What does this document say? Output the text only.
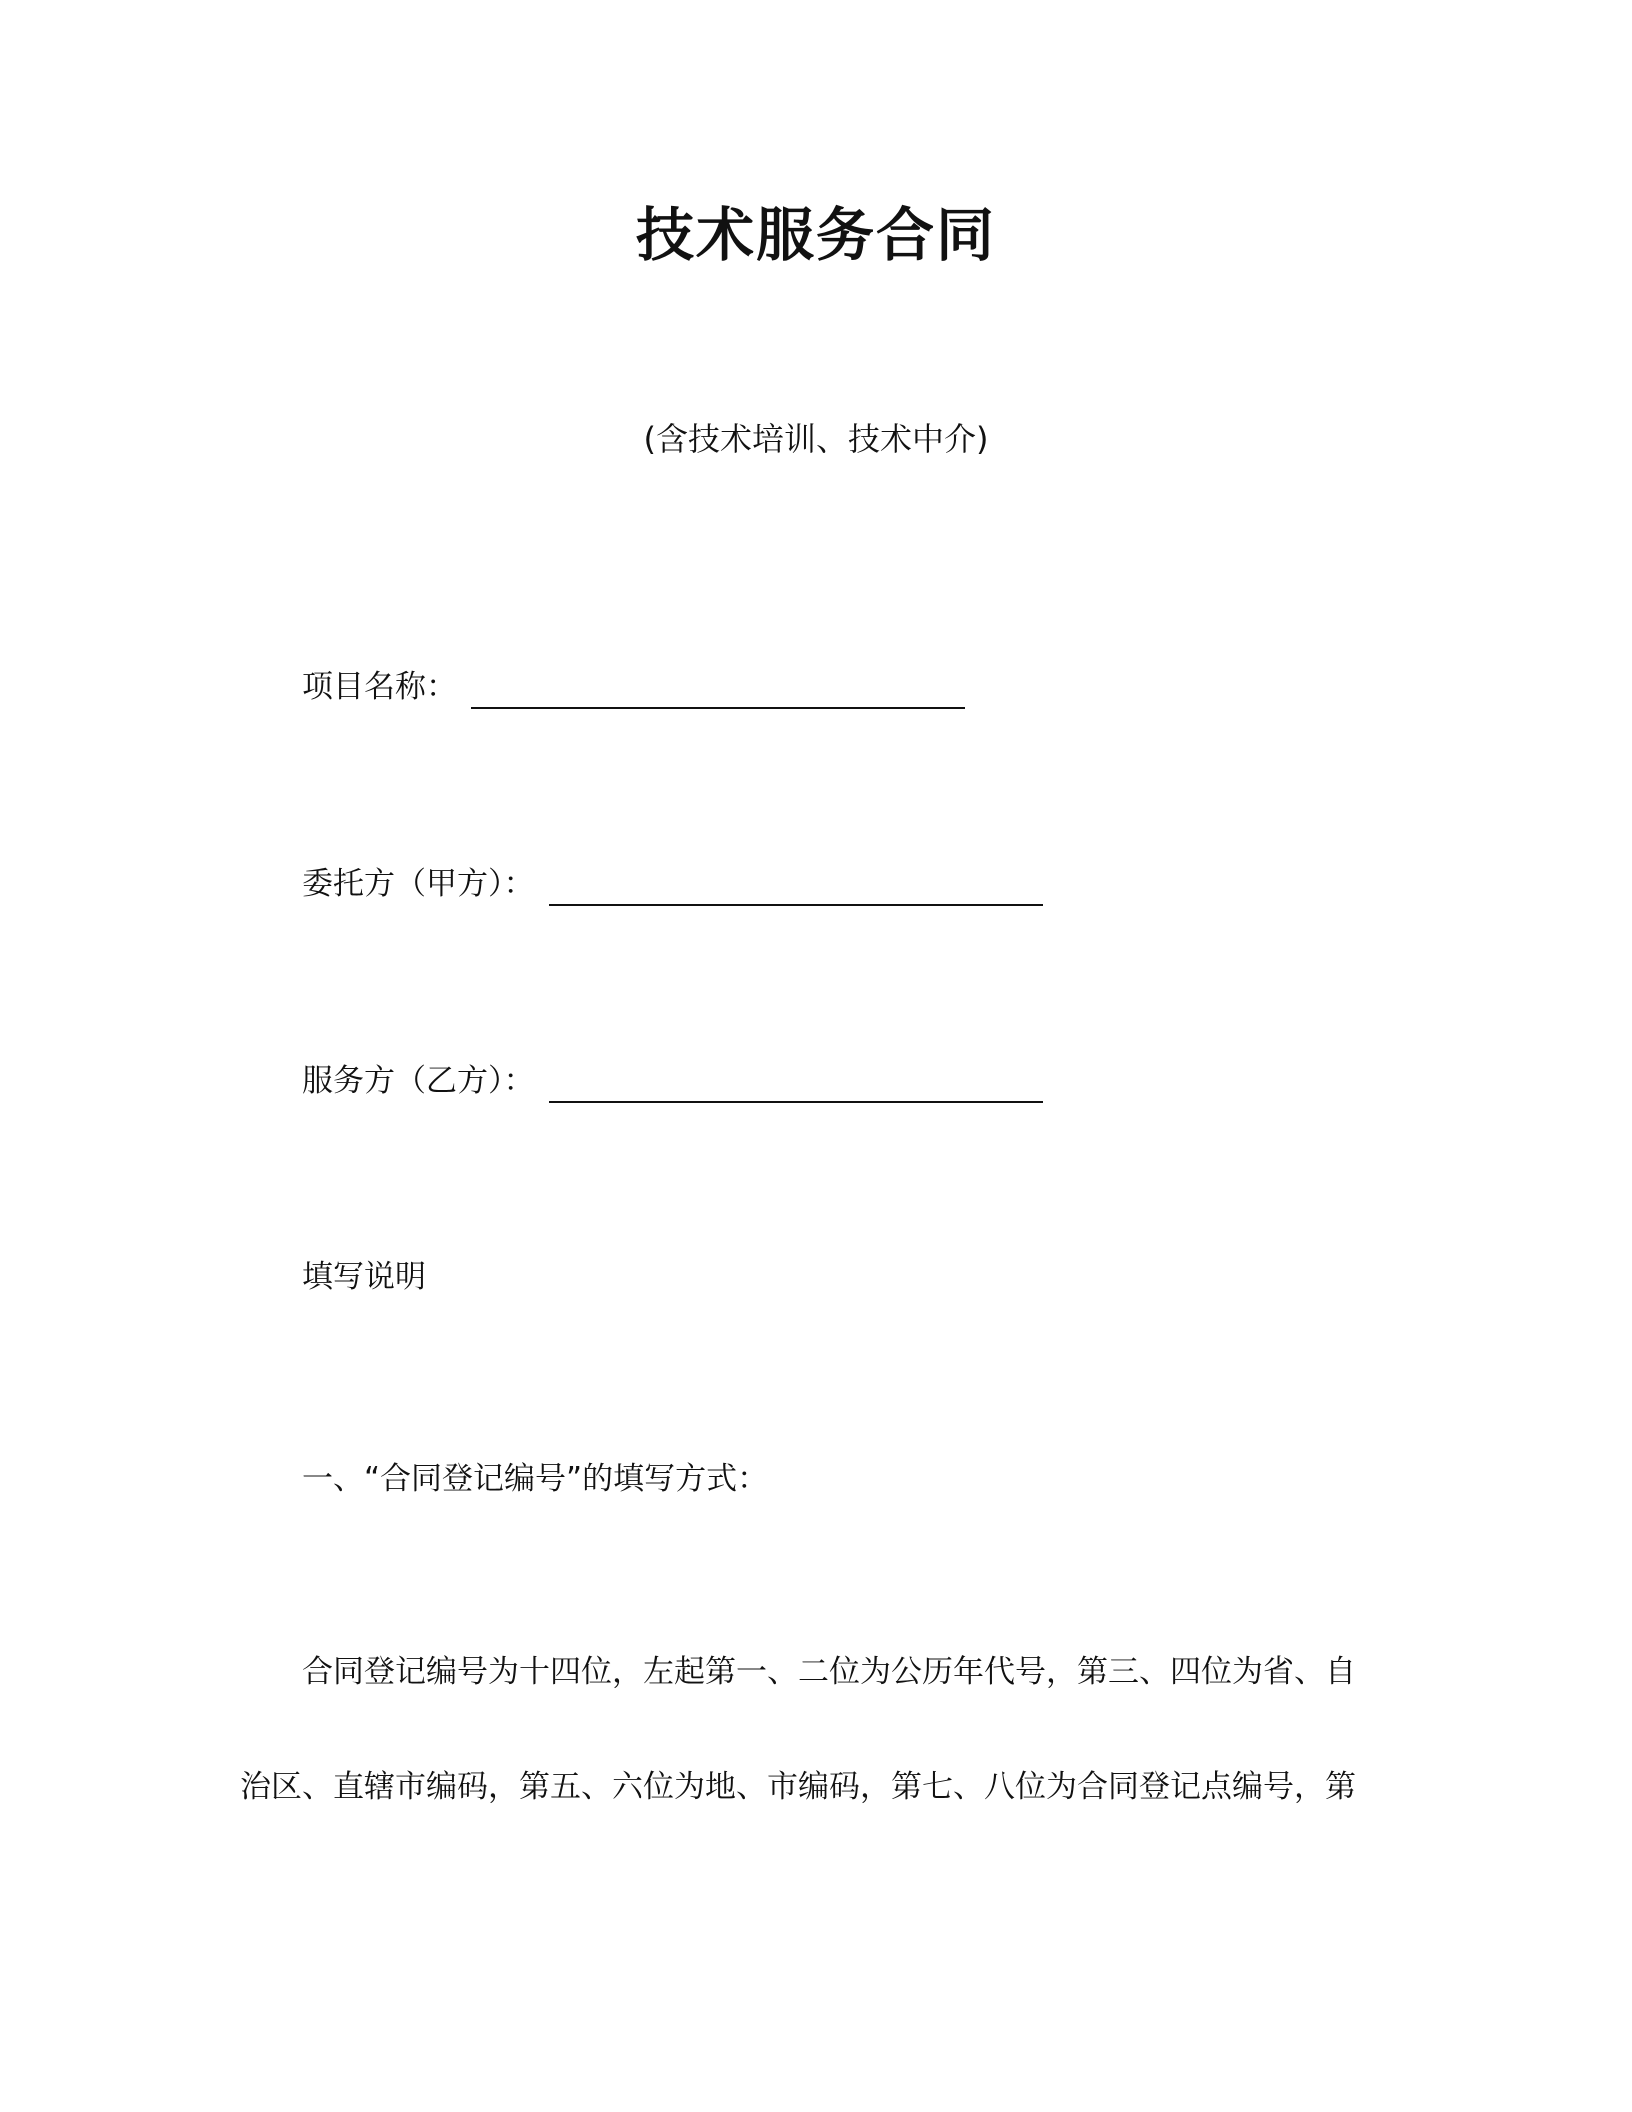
技术服务合同
(含技术培训、技术中介)
项目名称：
委托方（甲方）：
服务方（乙方）：
填写说明
一、“合同登记编号”的填写方式：
合同登记编号为十四位，左起第一、二位为公历年代号，第三、四位为省、自
治区、直辖市编码，第五、六位为地、市编码，第七、八位为合同登记点编号，第
